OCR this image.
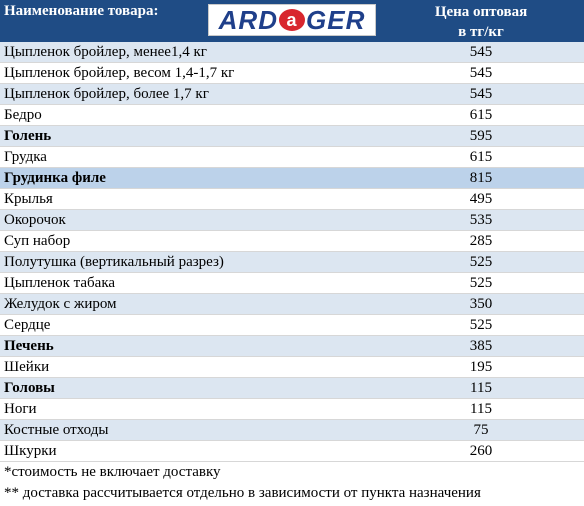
Наименование товара:	ARD a GER	Цена оптовая
в тг/кг
Цыпленок бройлер, менее1,4 кг	545
Цыпленок бройлер, весом 1,4-1,7 кг	545
Цыпленок бройлер, более 1,7 кг	545
Бедро	615
Голень	595
Грудка	615
Грудинка филе	815
Крылья	495
Окорочок	535
Суп набор	285
Полутушка (вертикальный разрез)	525
Цыпленок табака	525
Желудок с жиром	350
Сердце	525
Печень	385
Шейки	195
Головы	115
Ноги	115
Костные отходы	75
Шкурки	260
*стоимость не включает доставку
** доставка рассчитывается отдельно в зависимости от пункта назначения
